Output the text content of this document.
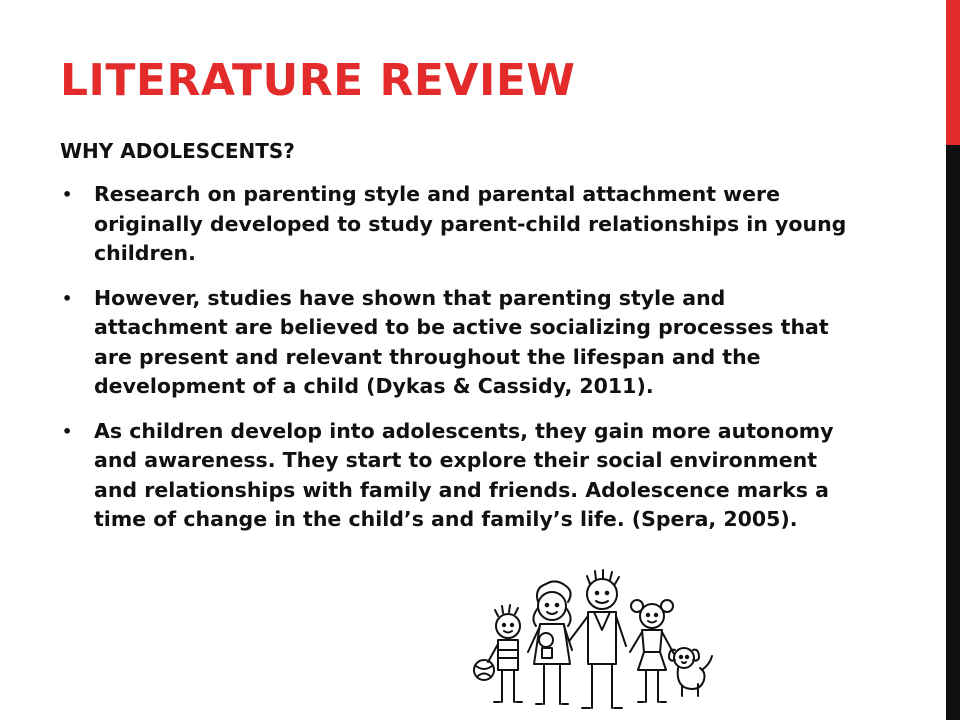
LITERATURE REVIEW
WHY ADOLESCENTS?
• Research on parenting style and parental attachment were originally developed to study parent-child relationships in young children.
• However, studies have shown that parenting style and attachment are believed to be active socializing processes that are present and relevant throughout the lifespan and the development of a child (Dykas & Cassidy, 2011).
• As children develop into adolescents, they gain more autonomy and awareness. They start to explore their social environment and relationships with family and friends. Adolescence marks a time of change in the child’s and family’s life. (Spera, 2005).
